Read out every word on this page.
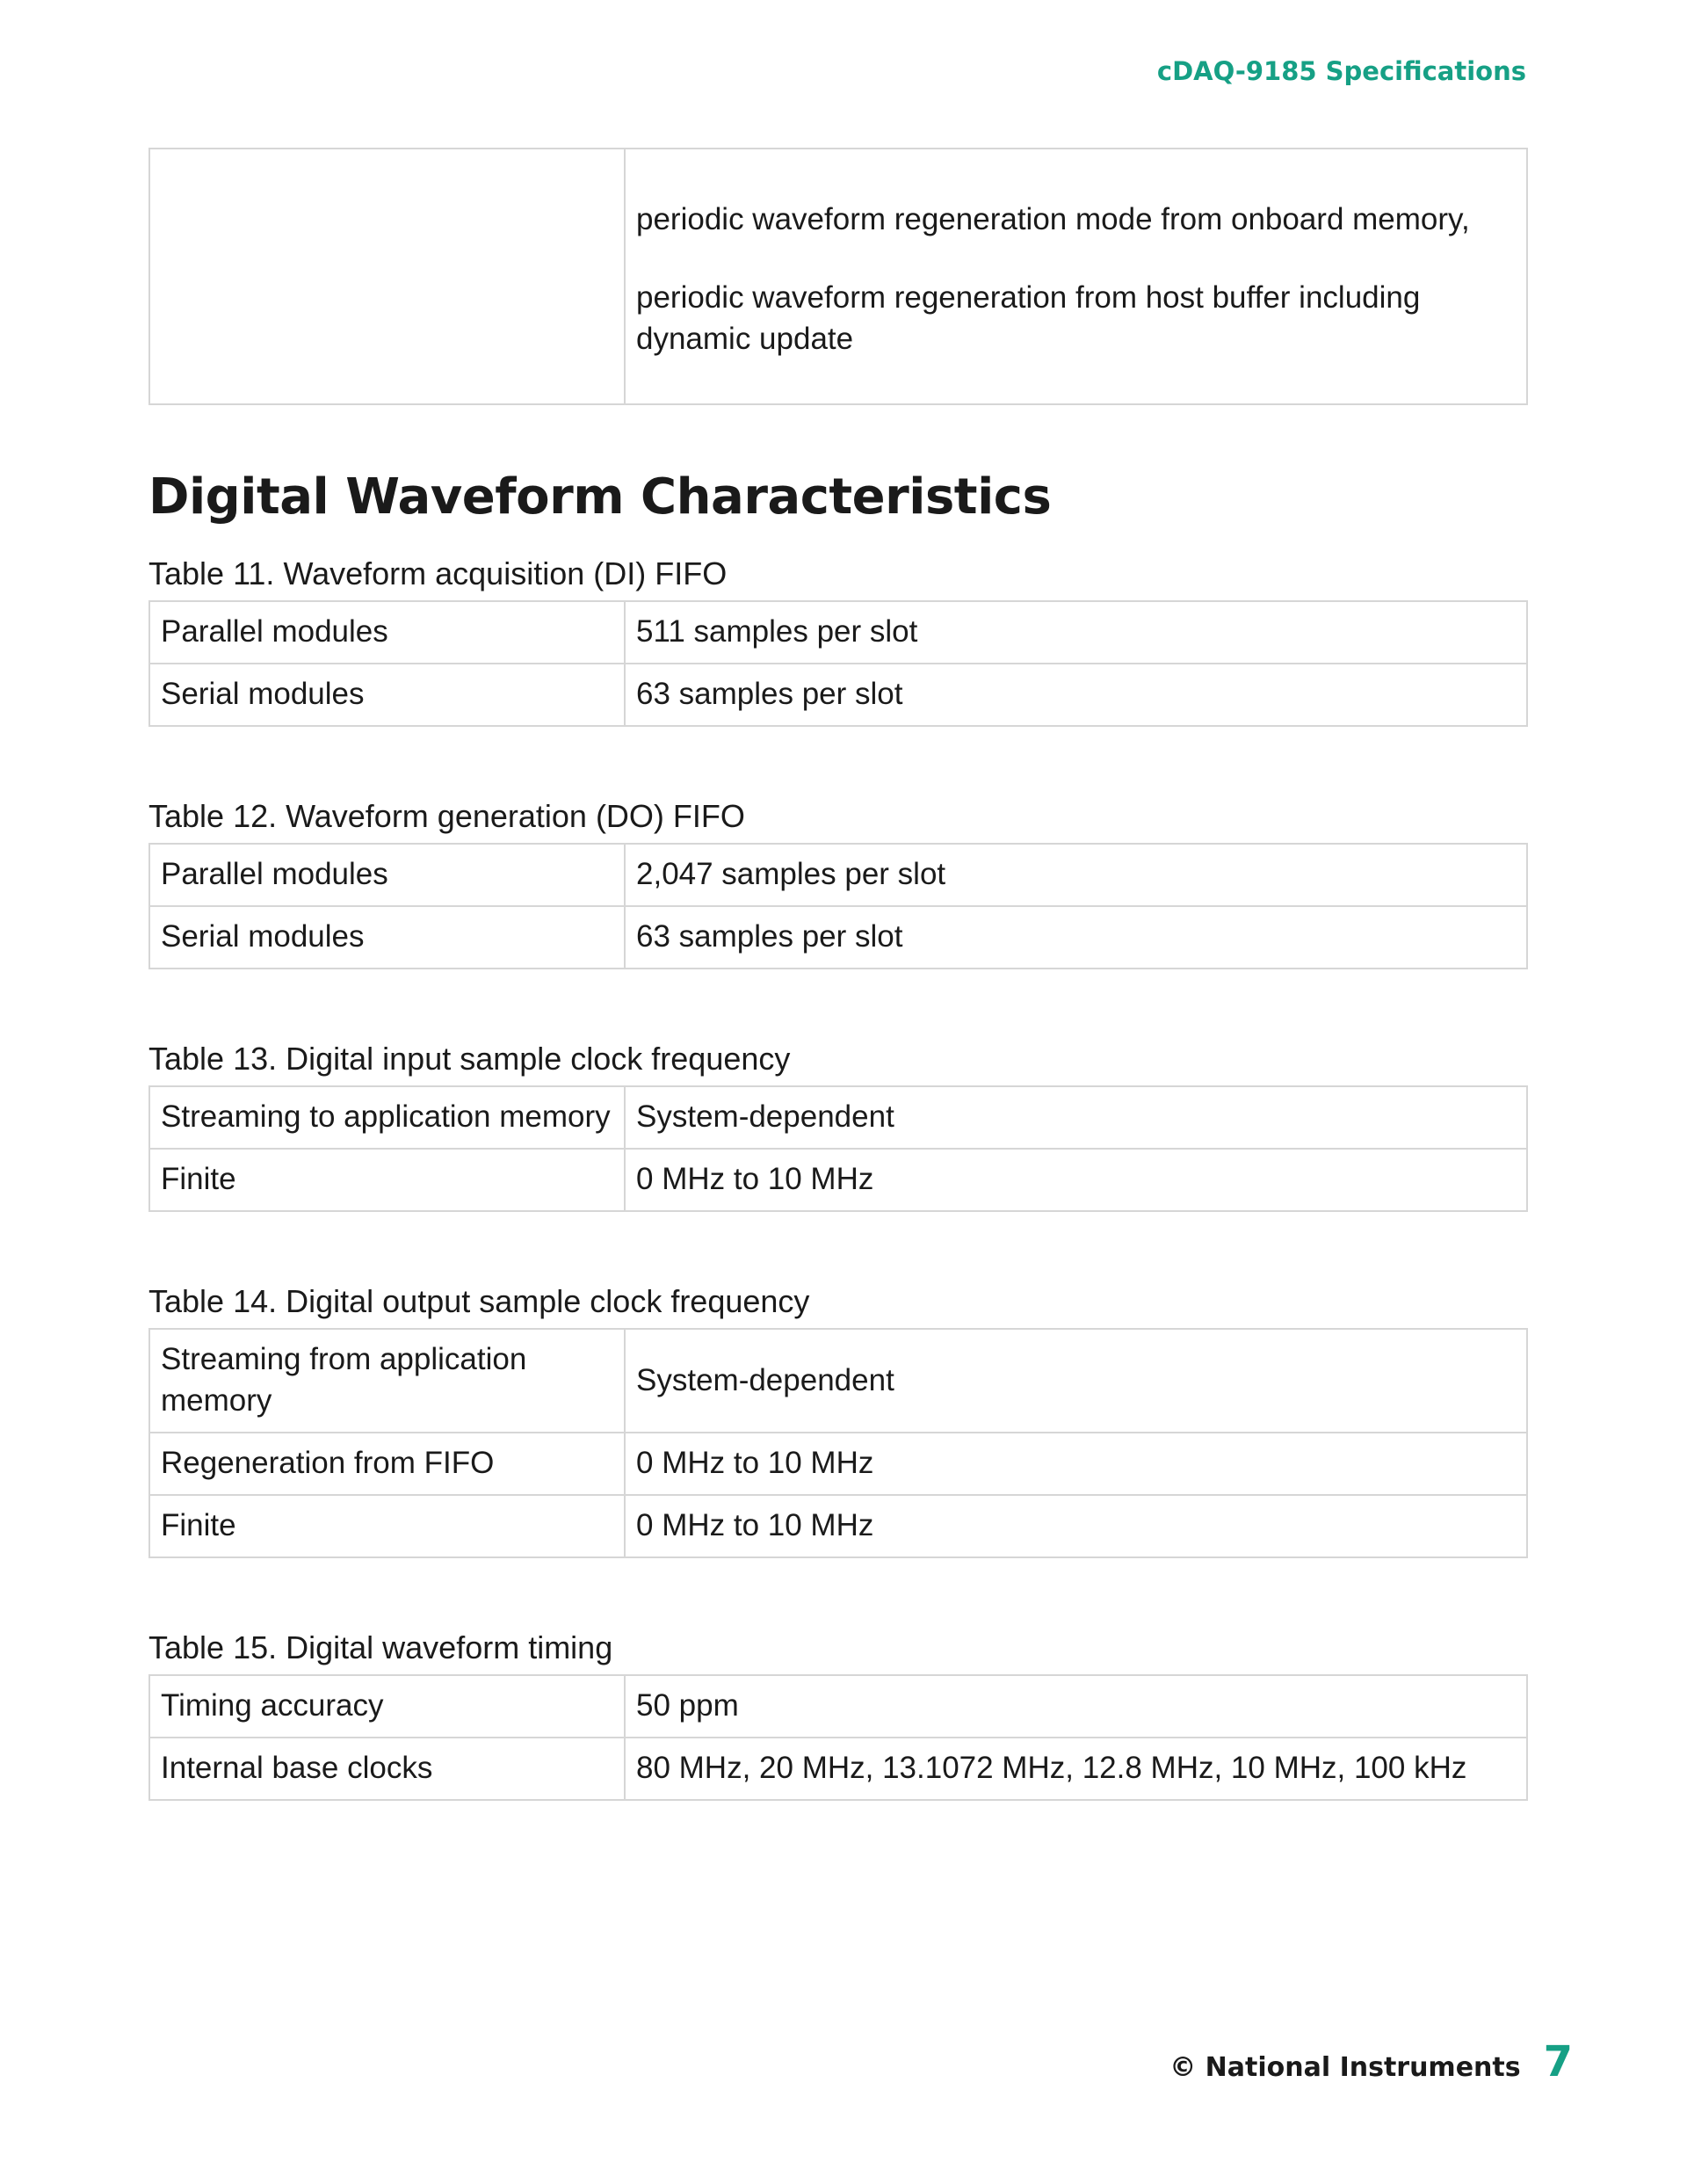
cDAQ-9185 Specifications

periodic waveform regeneration mode from onboard memory,

periodic waveform regeneration from host buffer including dynamic update

Digital Waveform Characteristics
Table 11. Waveform acquisition (DI) FIFO
Parallel modules	511 samples per slot
Serial modules	63 samples per slot
Table 12. Waveform generation (DO) FIFO
Parallel modules	2,047 samples per slot
Serial modules	63 samples per slot
Table 13. Digital input sample clock frequency
Streaming to application memory	System-dependent
Finite	0 MHz to 10 MHz
Table 14. Digital output sample clock frequency
Streaming from application memory	System-dependent
Regeneration from FIFO	0 MHz to 10 MHz
Finite	0 MHz to 10 MHz
Table 15. Digital waveform timing
Timing accuracy	50 ppm
Internal base clocks	80 MHz, 20 MHz, 13.1072 MHz, 12.8 MHz, 10 MHz, 100 kHz
© National Instruments 7
